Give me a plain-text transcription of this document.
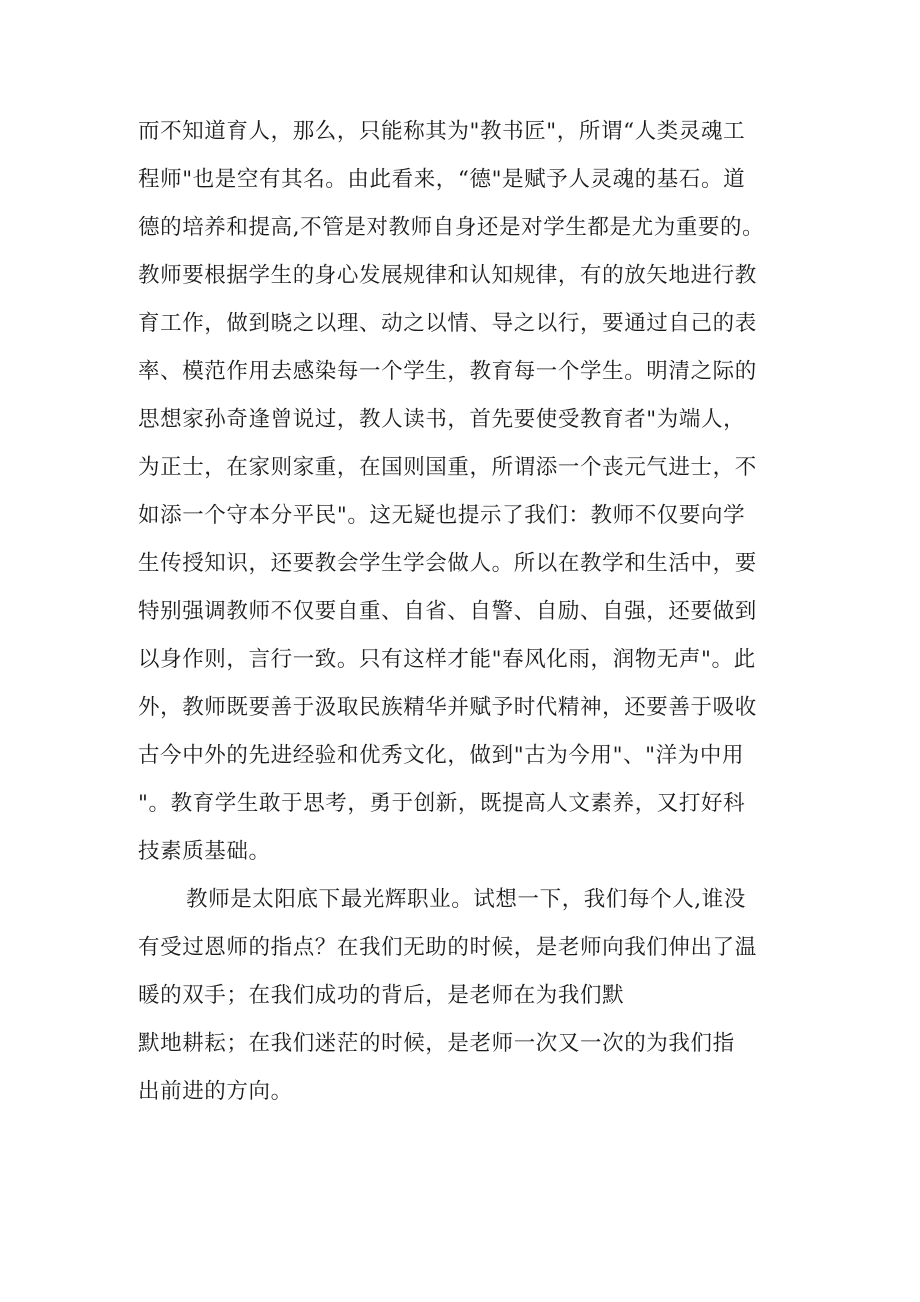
而不知道育人，那么，只能称其为"教书匠"，所谓“人类灵魂工
程师"也是空有其名。由此看来，“德"是赋予人灵魂的基石。道
德的培养和提高,不管是对教师自身还是对学生都是尤为重要的。
教师要根据学生的身心发展规律和认知规律，有的放矢地进行教
育工作，做到晓之以理、动之以情、导之以行，要通过自己的表
率、模范作用去感染每一个学生，教育每一个学生。明清之际的
思想家孙奇逢曾说过，教人读书，首先要使受教育者"为端人，
为正士，在家则家重，在国则国重，所谓添一个丧元气进士，不
如添一个守本分平民"。这无疑也提示了我们：教师不仅要向学
生传授知识，还要教会学生学会做人。所以在教学和生活中，要
特别强调教师不仅要自重、自省、自警、自励、自强，还要做到
以身作则，言行一致。只有这样才能"春风化雨，润物无声"。此
外，教师既要善于汲取民族精华并赋予时代精神，还要善于吸收
古今中外的先进经验和优秀文化，做到"古为今用"、"洋为中用
"。教育学生敢于思考，勇于创新，既提高人文素养，又打好科
技素质基础。
教师是太阳底下最光辉职业。试想一下，我们每个人,谁没
有受过恩师的指点？在我们无助的时候，是老师向我们伸出了温
暖的双手；在我们成功的背后，是老师在为我们默
默地耕耘；在我们迷茫的时候，是老师一次又一次的为我们指
出前进的方向。
